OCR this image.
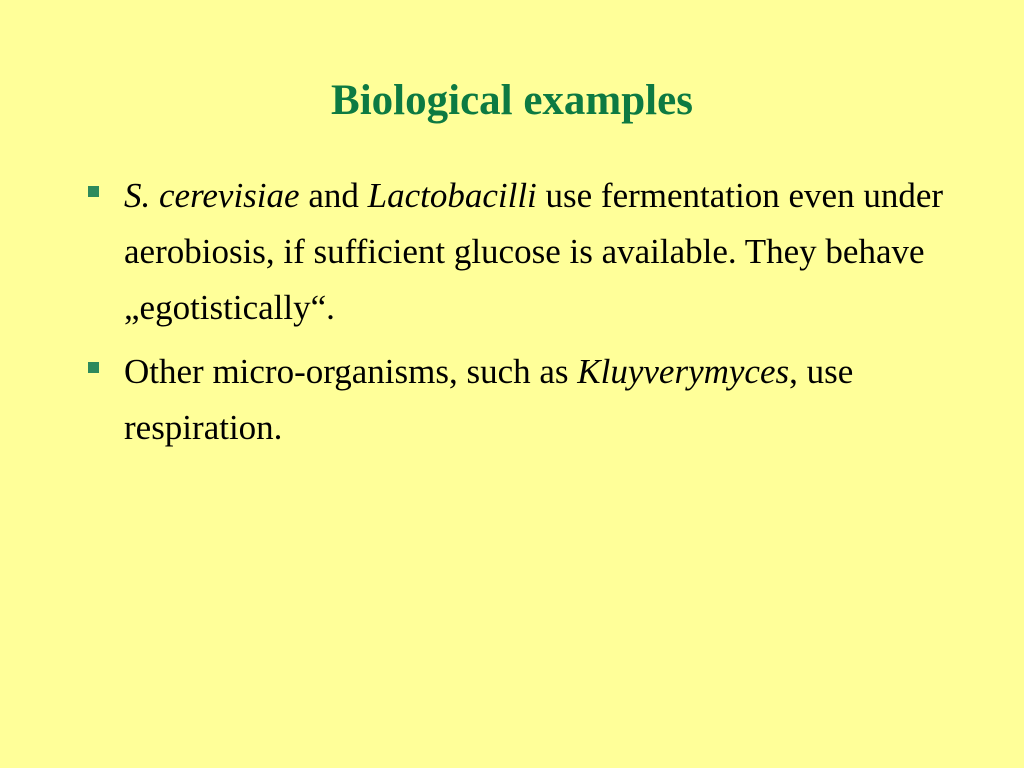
Biological examples
S. cerevisiae and Lactobacilli use fermentation even under aerobiosis, if sufficient glucose is available. They behave „egotistically“.
Other micro-organisms, such as Kluyverymyces, use respiration.
